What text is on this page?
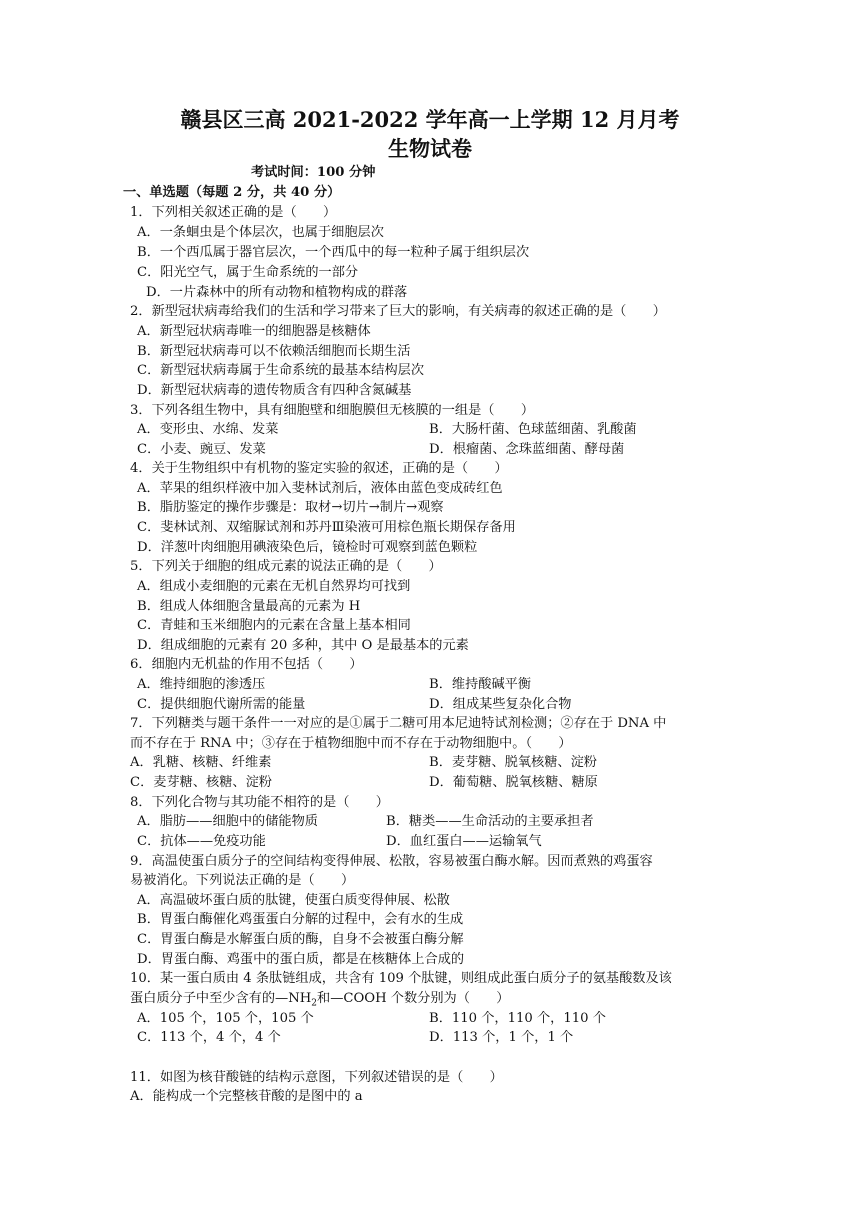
赣县区三高 2021-2022 学年高一上学期 12 月月考
生物试卷
考试时间：100 分钟
一、单选题（每题 2 分，共 40 分）
1．下列相关叙述正确的是（　　）
A．一条蛔虫是个体层次，也属于细胞层次
B．一个西瓜属于器官层次，一个西瓜中的每一粒种子属于组织层次
C．阳光空气，属于生命系统的一部分
D．一片森林中的所有动物和植物构成的群落
2．新型冠状病毒给我们的生活和学习带来了巨大的影响，有关病毒的叙述正确的是（　　）
A．新型冠状病毒唯一的细胞器是核糖体
B．新型冠状病毒可以不依赖活细胞而长期生活
C．新型冠状病毒属于生命系统的最基本结构层次
D．新型冠状病毒的遗传物质含有四种含氮碱基
3．下列各组生物中，具有细胞壁和细胞膜但无核膜的一组是（　　）
A．变形虫、水绵、发菜	B．大肠杆菌、色球蓝细菌、乳酸菌
C．小麦、豌豆、发菜	D．根瘤菌、念珠蓝细菌、酵母菌
4．关于生物组织中有机物的鉴定实验的叙述，正确的是（　　）
A．苹果的组织样液中加入斐林试剂后，液体由蓝色变成砖红色
B．脂肪鉴定的操作步骤是：取材→切片→制片→观察
C．斐林试剂、双缩脲试剂和苏丹Ⅲ染液可用棕色瓶长期保存备用
D．洋葱叶肉细胞用碘液染色后，镜检时可观察到蓝色颗粒
5．下列关于细胞的组成元素的说法正确的是（　　）
A．组成小麦细胞的元素在无机自然界均可找到
B．组成人体细胞含量最高的元素为 H
C．青蛙和玉米细胞内的元素在含量上基本相同
D．组成细胞的元素有 20 多种，其中 O 是最基本的元素
6．细胞内无机盐的作用不包括（　　）
A．维持细胞的渗透压	B．维持酸碱平衡
C．提供细胞代谢所需的能量	D．组成某些复杂化合物
7．下列糖类与题干条件一一对应的是①属于二糖可用本尼迪特试剂检测；②存在于 DNA 中
而不存在于 RNA 中；③存在于植物细胞中而不存在于动物细胞中。（　　）
A．乳糖、核糖、纤维素	B．麦芽糖、脱氧核糖、淀粉
C．麦芽糖、核糖、淀粉	D．葡萄糖、脱氧核糖、糖原
8．下列化合物与其功能不相符的是（　　）
A．脂肪——细胞中的储能物质	B．糖类——生命活动的主要承担者
C．抗体——免疫功能	D．血红蛋白——运输氧气
9．高温使蛋白质分子的空间结构变得伸展、松散，容易被蛋白酶水解。因而煮熟的鸡蛋容
易被消化。下列说法正确的是（　　）
A．高温破坏蛋白质的肽键，使蛋白质变得伸展、松散
B．胃蛋白酶催化鸡蛋蛋白分解的过程中，会有水的生成
C．胃蛋白酶是水解蛋白质的酶，自身不会被蛋白酶分解
D．胃蛋白酶、鸡蛋中的蛋白质，都是在核糖体上合成的
10．某一蛋白质由 4 条肽链组成，共含有 109 个肽键，则组成此蛋白质分子的氨基酸数及该
蛋白质分子中至少含有的$—NH_2$和—COOH 个数分别为（　　）
A．105 个，105 个，105 个	B．110 个，110 个，110 个
C．113 个，4 个，4 个	D．113 个，1 个，1 个
11．如图为核苷酸链的结构示意图，下列叙述错误的是（　　）
A．能构成一个完整核苷酸的是图中的 a
